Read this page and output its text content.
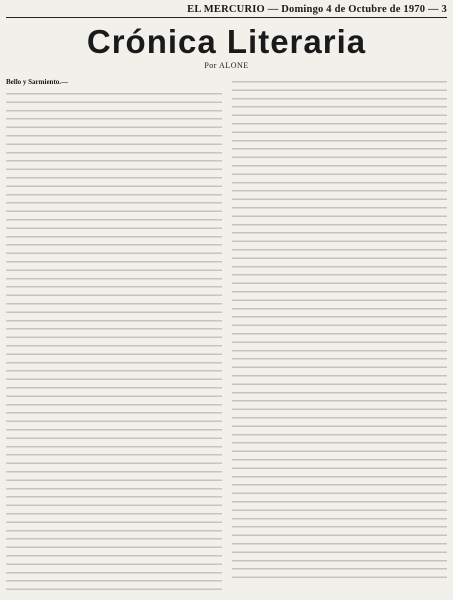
EL MERCURIO — Domingo 4 de Octubre de 1970 — 3
Crónica Literaria
Por ALONE

Bello y Sarmiento.—
